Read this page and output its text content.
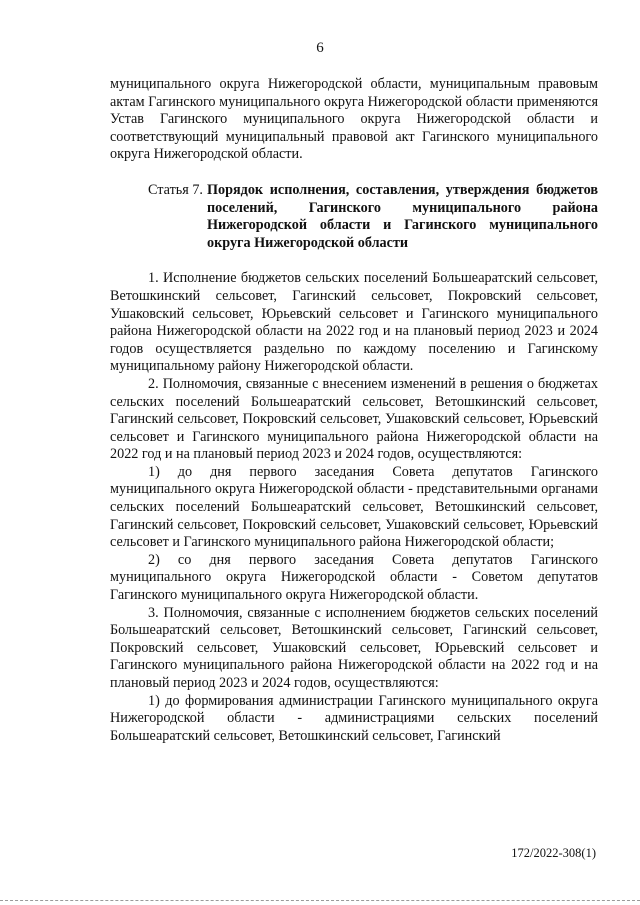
6

муниципального округа Нижегородской области, муниципальным правовым актам Гагинского муниципального округа Нижегородской области применяются Устав Гагинского муниципального округа Нижегородской области и соответствующий муниципальный правовой акт Гагинского муниципального округа Нижегородской области.

Статья 7. Порядок исполнения, составления, утверждения бюджетов поселений, Гагинского муниципального района Нижегородской области и Гагинского муниципального округа Нижегородской области

1. Исполнение бюджетов сельских поселений Большеаратский сельсовет, Ветошкинский сельсовет, Гагинский сельсовет, Покровский сельсовет, Ушаковский сельсовет, Юрьевский сельсовет и Гагинского муниципального района Нижегородской области на 2022 год и на плановый период 2023 и 2024 годов осуществляется раздельно по каждому поселению и Гагинскому муниципальному району Нижегородской области.

2. Полномочия, связанные с внесением изменений в решения о бюджетах сельских поселений Большеаратский сельсовет, Ветошкинский сельсовет, Гагинский сельсовет, Покровский сельсовет, Ушаковский сельсовет, Юрьевский сельсовет и Гагинского муниципального района Нижегородской области на 2022 год и на плановый период 2023 и 2024 годов, осуществляются:

1) до дня первого заседания Совета депутатов Гагинского муниципального округа Нижегородской области - представительными органами сельских поселений Большеаратский сельсовет, Ветошкинский сельсовет, Гагинский сельсовет, Покровский сельсовет, Ушаковский сельсовет, Юрьевский сельсовет и Гагинского муниципального района Нижегородской области;

2) со дня первого заседания Совета депутатов Гагинского муниципального округа Нижегородской области - Советом депутатов Гагинского муниципального округа Нижегородской области.

3. Полномочия, связанные с исполнением бюджетов сельских поселений Большеаратский сельсовет, Ветошкинский сельсовет, Гагинский сельсовет, Покровский сельсовет, Ушаковский сельсовет, Юрьевский сельсовет и Гагинского муниципального района Нижегородской области на 2022 год и на плановый период 2023 и 2024 годов, осуществляются:

1) до формирования администрации Гагинского муниципального округа Нижегородской области - администрациями сельских поселений Большеаратский сельсовет, Ветошкинский сельсовет, Гагинский

172/2022-308(1)
